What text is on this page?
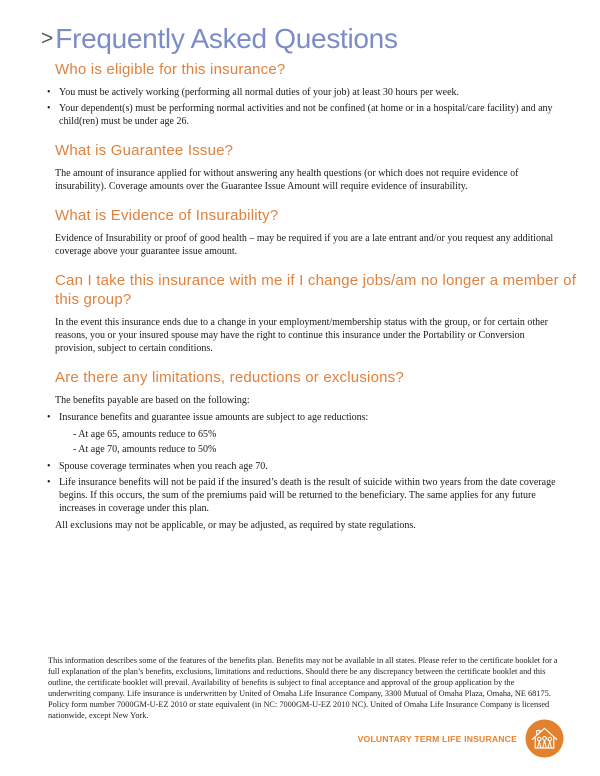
> Frequently Asked Questions
Who is eligible for this insurance?
• You must be actively working (performing all normal duties of your job) at least 30 hours per week.
• Your dependent(s) must be performing normal activities and not be confined (at home or in a hospital/care facility) and any child(ren) must be under age 26.
What is Guarantee Issue?

The amount of insurance applied for without answering any health questions (or which does not require evidence of insurability). Coverage amounts over the Guarantee Issue Amount will require evidence of insurability.

What is Evidence of Insurability?

Evidence of Insurability or proof of good health – may be required if you are a late entrant and/or you request any additional coverage above your guarantee issue amount.

Can I take this insurance with me if I change jobs/am no longer a member of this group?

In the event this insurance ends due to a change in your employment/membership status with the group, or for certain other reasons, you or your insured spouse may have the right to continue this insurance under the Portability or Conversion provision, subject to certain conditions.

Are there any limitations, reductions or exclusions?

The benefits payable are based on the following:

• Insurance benefits and guarantee issue amounts are subject to age reductions:
- At age 65, amounts reduce to 65%
- At age 70, amounts reduce to 50%
• Spouse coverage terminates when you reach age 70.
• Life insurance benefits will not be paid if the insured’s death is the result of suicide within two years from the date coverage begins. If this occurs, the sum of the premiums paid will be returned to the beneficiary. The same applies for any future increases in coverage under this plan.

All exclusions may not be applicable, or may be adjusted, as required by state regulations.

This information describes some of the features of the benefits plan. Benefits may not be available in all states. Please refer to the certificate booklet for a full explanation of the plan’s benefits, exclusions, limitations and reductions. Should there be any discrepancy between the certificate booklet and this outline, the certificate booklet will prevail. Availability of benefits is subject to final acceptance and approval of the group application by the underwriting company. Life insurance is underwritten by United of Omaha Life Insurance Company, 3300 Mutual of Omaha Plaza, Omaha, NE 68175. Policy form number 7000GM-U-EZ 2010 or state equivalent (in NC: 7000GM-U-EZ 2010 NC). United of Omaha Life Insurance Company is licensed nationwide, except New York.
VOLUNTARY TERM LIFE INSURANCE
